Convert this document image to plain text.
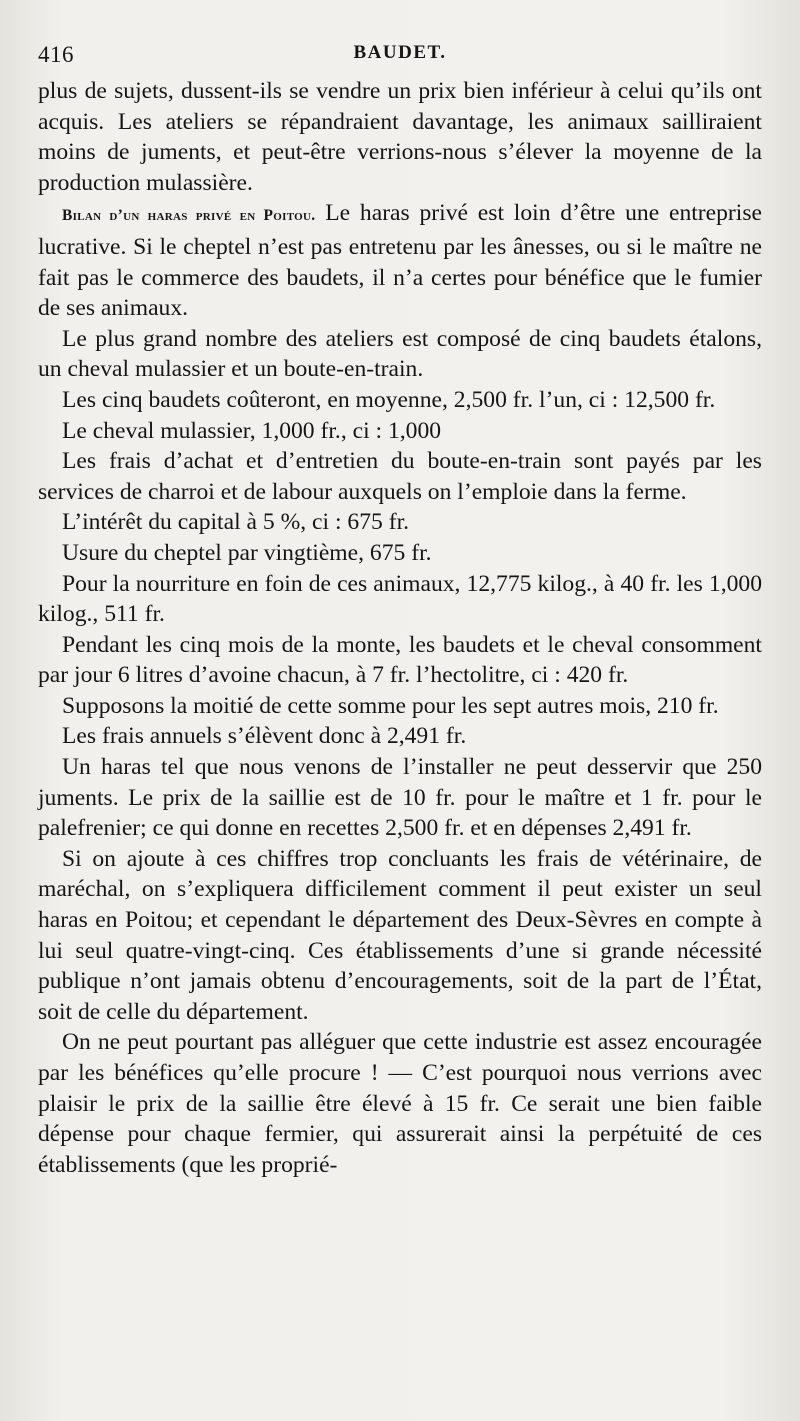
416	BAUDET.

plus de sujets, dussent-ils se vendre un prix bien inférieur à celui qu’ils ont acquis. Les ateliers se répandraient davantage, les animaux sailliraient moins de juments, et peut-être verrions-nous s’élever la moyenne de la production mulassière.

Bilan d’un haras privé en Poitou. Le haras privé est loin d’être une entreprise lucrative. Si le cheptel n’est pas entretenu par les ânesses, ou si le maître ne fait pas le commerce des baudets, il n’a certes pour bénéfice que le fumier de ses animaux.

Le plus grand nombre des ateliers est composé de cinq baudets étalons, un cheval mulassier et un boute-en-train.

Les cinq baudets coûteront, en moyenne, 2,500 fr. l’un, ci : 12,500 fr.

Le cheval mulassier, 1,000 fr., ci : 1,000

Les frais d’achat et d’entretien du boute-en-train sont payés par les services de charroi et de labour auxquels on l’emploie dans la ferme.

L’intérêt du capital à 5 %, ci : 675 fr.

Usure du cheptel par vingtième, 675 fr.

Pour la nourriture en foin de ces animaux, 12,775 kilog., à 40 fr. les 1,000 kilog., 511 fr.

Pendant les cinq mois de la monte, les baudets et le cheval consomment par jour 6 litres d’avoine chacun, à 7 fr. l’hectolitre, ci : 420 fr.

Supposons la moitié de cette somme pour les sept autres mois, 210 fr.

Les frais annuels s’élèvent donc à 2,491 fr.

Un haras tel que nous venons de l’installer ne peut desservir que 250 juments. Le prix de la saillie est de 10 fr. pour le maître et 1 fr. pour le palefrenier; ce qui donne en recettes 2,500 fr. et en dépenses 2,491 fr.

Si on ajoute à ces chiffres trop concluants les frais de vétérinaire, de maréchal, on s’expliquera difficilement comment il peut exister un seul haras en Poitou; et cependant le département des Deux-Sèvres en compte à lui seul quatre-vingt-cinq. Ces établissements d’une si grande nécessité publique n’ont jamais obtenu d’encouragements, soit de la part de l’État, soit de celle du département.

On ne peut pourtant pas alléguer que cette industrie est assez encouragée par les bénéfices qu’elle procure ! — C’est pourquoi nous verrions avec plaisir le prix de la saillie être élevé à 15 fr. Ce serait une bien faible dépense pour chaque fermier, qui assurerait ainsi la perpétuité de ces établissements (que les proprié-
